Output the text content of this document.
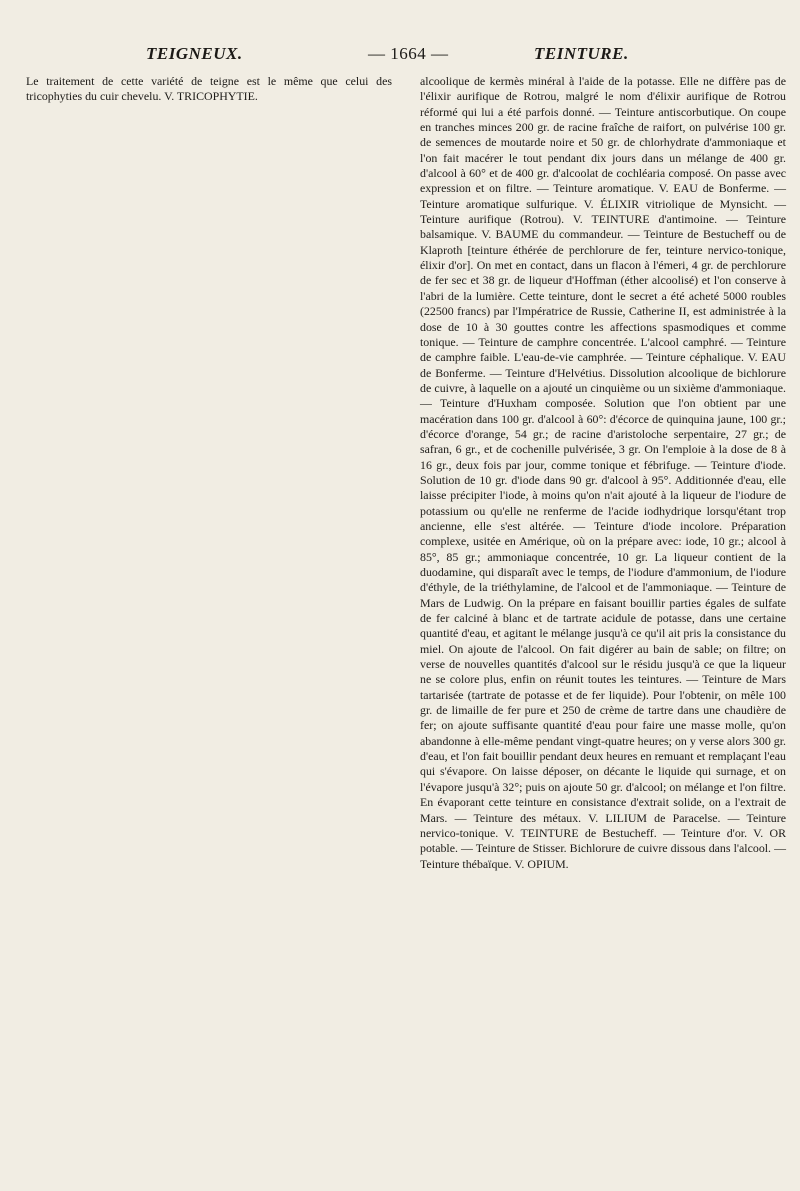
TEIGNEUX.	— 1664 —	TEINTURE.

Le traitement de cette variété de teigne est le même que celui des tricophyties du cuir chevelu. V. TRICOPHYTIE.

alcoolique de kermès minéral à l'aide de la potasse. Elle ne diffère pas de l'élixir aurifique de Rotrou, malgré le nom d'élixir aurifique de Rotrou réformé qui lui a été parfois donné. — Teinture antiscorbutique. On coupe en tranches minces 200 gr. de racine fraîche de raifort, on pulvérise 100 gr. de semences de moutarde noire et 50 gr. de chlorhydrate d'ammoniaque et l'on fait macérer le tout pendant dix jours dans un mélange de 400 gr. d'alcool à 60° et de 400 gr. d'alcoolat de cochléaria composé. On passe avec expression et on filtre. — Teinture aromatique. V. EAU de Bonferme. — Teinture aromatique sulfurique. V. ÉLIXIR vitriolique de Mynsicht. — Teinture aurifique (Rotrou). V. TEINTURE d'antimoine. — Teinture balsamique. V. BAUME du commandeur. — Teinture de Bestucheff ou de Klaproth [teinture éthérée de perchlorure de fer, teinture nervico-tonique, élixir d'or]. On met en contact, dans un flacon à l'émeri, 4 gr. de perchlorure de fer sec et 38 gr. de liqueur d'Hoffman (éther alcoolisé) et l'on conserve à l'abri de la lumière. Cette teinture, dont le secret a été acheté 5000 roubles (22500 francs) par l'Impératrice de Russie, Catherine II, est administrée à la dose de 10 à 30 gouttes contre les affections spasmodiques et comme tonique. — Teinture de camphre concentrée. L'alcool camphré. — Teinture de camphre faible. L'eau-de-vie camphrée. — Teinture céphalique. V. EAU de Bonferme. — Teinture d'Helvétius. Dissolution alcoolique de bichlorure de cuivre, à laquelle on a ajouté un cinquième ou un sixième d'ammoniaque. — Teinture d'Huxham composée. Solution que l'on obtient par une macération dans 100 gr. d'alcool à 60°: d'écorce de quinquina jaune, 100 gr.; d'écorce d'orange, 54 gr.; de racine d'aristoloche serpentaire, 27 gr.; de safran, 6 gr., et de cochenille pulvérisée, 3 gr. On l'emploie à la dose de 8 à 16 gr., deux fois par jour, comme tonique et fébrifuge. — Teinture d'iode. Solution de 10 gr. d'iode dans 90 gr. d'alcool à 95°. Additionnée d'eau, elle laisse précipiter l'iode, à moins qu'on n'ait ajouté à la liqueur de l'iodure de potassium ou qu'elle ne renferme de l'acide iodhydrique lorsqu'étant trop ancienne, elle s'est altérée. — Teinture d'iode incolore. Préparation complexe, usitée en Amérique, où on la prépare avec: iode, 10 gr.; alcool à 85°, 85 gr.; ammoniaque concentrée, 10 gr. La liqueur contient de la duodamine, qui disparaît avec le temps, de l'iodure d'ammonium, de l'iodure d'éthyle, de la triéthylamine, de l'alcool et de l'ammoniaque. — Teinture de Mars de Ludwig. On la prépare en faisant bouillir parties égales de sulfate de fer calciné à blanc et de tartrate acidule de potasse, dans une certaine quantité d'eau, et agitant le mélange jusqu'à ce qu'il ait pris la consistance du miel. On ajoute de l'alcool. On fait digérer au bain de sable; on filtre; on verse de nouvelles quantités d'alcool sur le résidu jusqu'à ce que la liqueur ne se colore plus, enfin on réunit toutes les teintures. — Teinture de Mars tartarisée (tartrate de potasse et de fer liquide). Pour l'obtenir, on mêle 100 gr. de limaille de fer pure et 250 de crème de tartre dans une chaudière de fer; on ajoute suffisante quantité d'eau pour faire une masse molle, qu'on abandonne à elle-même pendant vingt-quatre heures; on y verse alors 300 gr. d'eau, et l'on fait bouillir pendant deux heures en remuant et remplaçant l'eau qui s'évapore. On laisse déposer, on décante le liquide qui surnage, et on l'évapore jusqu'à 32°; puis on ajoute 50 gr. d'alcool; on mélange et l'on filtre. En évaporant cette teinture en consistance d'extrait solide, on a l'extrait de Mars. — Teinture des métaux. V. LILIUM de Paracelse. — Teinture nervico-tonique. V. TEINTURE de Bestucheff. — Teinture d'or. V. OR potable. — Teinture de Stisser. Bichlorure de cuivre dissous dans l'alcool. — Teinture thébaïque. V. OPIUM.
